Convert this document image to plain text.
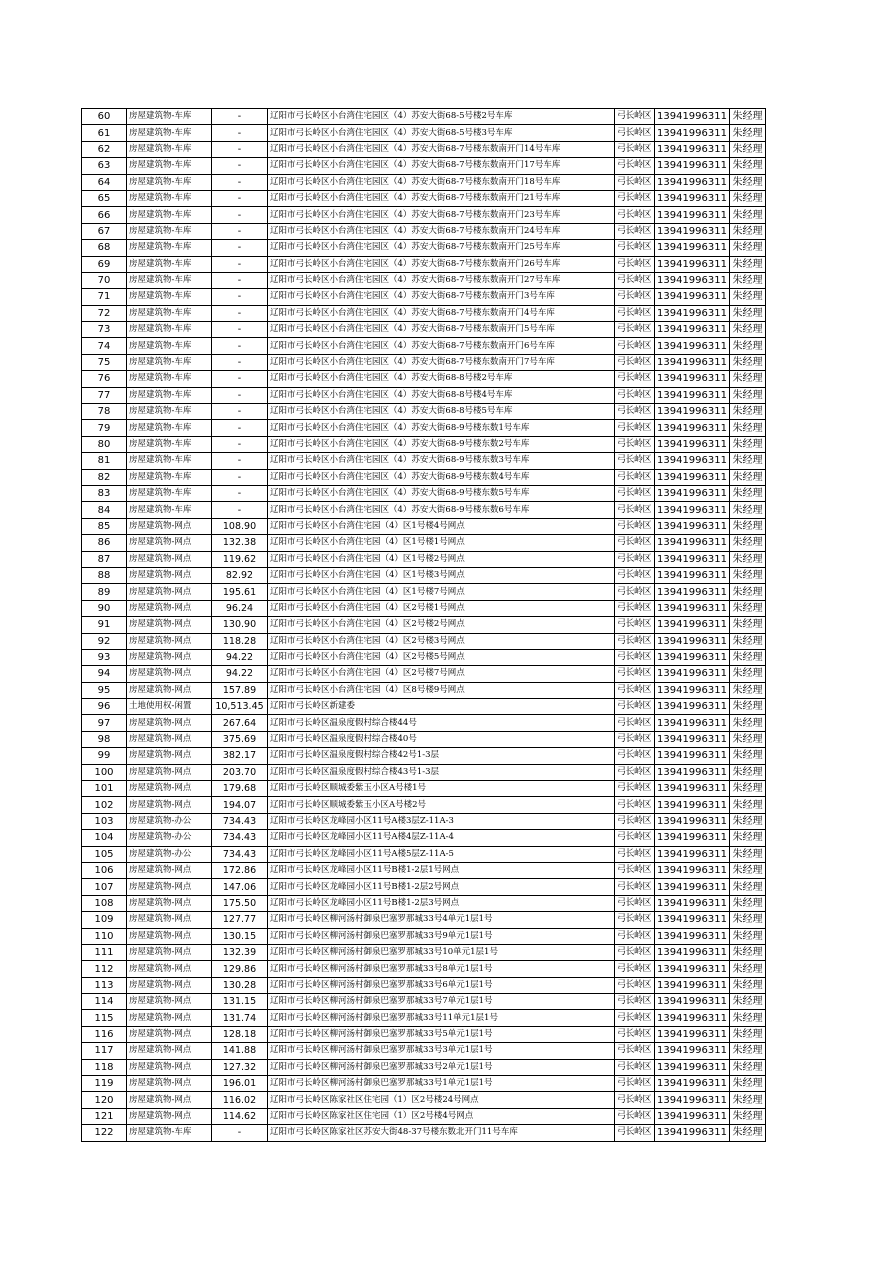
60	房屋建筑物-车库	-	辽阳市弓长岭区小台湾住宅园区（4）苏安大街68-5号楼2号车库	弓长岭区	13941996311	朱经理
61	房屋建筑物-车库	-	辽阳市弓长岭区小台湾住宅园区（4）苏安大街68-5号楼3号车库	弓长岭区	13941996311	朱经理
62	房屋建筑物-车库	-	辽阳市弓长岭区小台湾住宅园区（4）苏安大街68-7号楼东数南开门14号车库	弓长岭区	13941996311	朱经理
63	房屋建筑物-车库	-	辽阳市弓长岭区小台湾住宅园区（4）苏安大街68-7号楼东数南开门17号车库	弓长岭区	13941996311	朱经理
64	房屋建筑物-车库	-	辽阳市弓长岭区小台湾住宅园区（4）苏安大街68-7号楼东数南开门18号车库	弓长岭区	13941996311	朱经理
65	房屋建筑物-车库	-	辽阳市弓长岭区小台湾住宅园区（4）苏安大街68-7号楼东数南开门21号车库	弓长岭区	13941996311	朱经理
66	房屋建筑物-车库	-	辽阳市弓长岭区小台湾住宅园区（4）苏安大街68-7号楼东数南开门23号车库	弓长岭区	13941996311	朱经理
67	房屋建筑物-车库	-	辽阳市弓长岭区小台湾住宅园区（4）苏安大街68-7号楼东数南开门24号车库	弓长岭区	13941996311	朱经理
68	房屋建筑物-车库	-	辽阳市弓长岭区小台湾住宅园区（4）苏安大街68-7号楼东数南开门25号车库	弓长岭区	13941996311	朱经理
69	房屋建筑物-车库	-	辽阳市弓长岭区小台湾住宅园区（4）苏安大街68-7号楼东数南开门26号车库	弓长岭区	13941996311	朱经理
70	房屋建筑物-车库	-	辽阳市弓长岭区小台湾住宅园区（4）苏安大街68-7号楼东数南开门27号车库	弓长岭区	13941996311	朱经理
71	房屋建筑物-车库	-	辽阳市弓长岭区小台湾住宅园区（4）苏安大街68-7号楼东数南开门3号车库	弓长岭区	13941996311	朱经理
72	房屋建筑物-车库	-	辽阳市弓长岭区小台湾住宅园区（4）苏安大街68-7号楼东数南开门4号车库	弓长岭区	13941996311	朱经理
73	房屋建筑物-车库	-	辽阳市弓长岭区小台湾住宅园区（4）苏安大街68-7号楼东数南开门5号车库	弓长岭区	13941996311	朱经理
74	房屋建筑物-车库	-	辽阳市弓长岭区小台湾住宅园区（4）苏安大街68-7号楼东数南开门6号车库	弓长岭区	13941996311	朱经理
75	房屋建筑物-车库	-	辽阳市弓长岭区小台湾住宅园区（4）苏安大街68-7号楼东数南开门7号车库	弓长岭区	13941996311	朱经理
76	房屋建筑物-车库	-	辽阳市弓长岭区小台湾住宅园区（4）苏安大街68-8号楼2号车库	弓长岭区	13941996311	朱经理
77	房屋建筑物-车库	-	辽阳市弓长岭区小台湾住宅园区（4）苏安大街68-8号楼4号车库	弓长岭区	13941996311	朱经理
78	房屋建筑物-车库	-	辽阳市弓长岭区小台湾住宅园区（4）苏安大街68-8号楼5号车库	弓长岭区	13941996311	朱经理
79	房屋建筑物-车库	-	辽阳市弓长岭区小台湾住宅园区（4）苏安大街68-9号楼东数1号车库	弓长岭区	13941996311	朱经理
80	房屋建筑物-车库	-	辽阳市弓长岭区小台湾住宅园区（4）苏安大街68-9号楼东数2号车库	弓长岭区	13941996311	朱经理
81	房屋建筑物-车库	-	辽阳市弓长岭区小台湾住宅园区（4）苏安大街68-9号楼东数3号车库	弓长岭区	13941996311	朱经理
82	房屋建筑物-车库	-	辽阳市弓长岭区小台湾住宅园区（4）苏安大街68-9号楼东数4号车库	弓长岭区	13941996311	朱经理
83	房屋建筑物-车库	-	辽阳市弓长岭区小台湾住宅园区（4）苏安大街68-9号楼东数5号车库	弓长岭区	13941996311	朱经理
84	房屋建筑物-车库	-	辽阳市弓长岭区小台湾住宅园区（4）苏安大街68-9号楼东数6号车库	弓长岭区	13941996311	朱经理
85	房屋建筑物-网点	108.90	辽阳市弓长岭区小台湾住宅园（4）区1号楼4号网点	弓长岭区	13941996311	朱经理
86	房屋建筑物-网点	132.38	辽阳市弓长岭区小台湾住宅园（4）区1号楼1号网点	弓长岭区	13941996311	朱经理
87	房屋建筑物-网点	119.62	辽阳市弓长岭区小台湾住宅园（4）区1号楼2号网点	弓长岭区	13941996311	朱经理
88	房屋建筑物-网点	82.92	辽阳市弓长岭区小台湾住宅园（4）区1号楼3号网点	弓长岭区	13941996311	朱经理
89	房屋建筑物-网点	195.61	辽阳市弓长岭区小台湾住宅园（4）区1号楼7号网点	弓长岭区	13941996311	朱经理
90	房屋建筑物-网点	96.24	辽阳市弓长岭区小台湾住宅园（4）区2号楼1号网点	弓长岭区	13941996311	朱经理
91	房屋建筑物-网点	130.90	辽阳市弓长岭区小台湾住宅园（4）区2号楼2号网点	弓长岭区	13941996311	朱经理
92	房屋建筑物-网点	118.28	辽阳市弓长岭区小台湾住宅园（4）区2号楼3号网点	弓长岭区	13941996311	朱经理
93	房屋建筑物-网点	94.22	辽阳市弓长岭区小台湾住宅园（4）区2号楼5号网点	弓长岭区	13941996311	朱经理
94	房屋建筑物-网点	94.22	辽阳市弓长岭区小台湾住宅园（4）区2号楼7号网点	弓长岭区	13941996311	朱经理
95	房屋建筑物-网点	157.89	辽阳市弓长岭区小台湾住宅园（4）区8号楼9号网点	弓长岭区	13941996311	朱经理
96	土地使用权-闲置	10,513.45	辽阳市弓长岭区新建委	弓长岭区	13941996311	朱经理
97	房屋建筑物-网点	267.64	辽阳市弓长岭区温泉度假村综合楼44号	弓长岭区	13941996311	朱经理
98	房屋建筑物-网点	375.69	辽阳市弓长岭区温泉度假村综合楼40号	弓长岭区	13941996311	朱经理
99	房屋建筑物-网点	382.17	辽阳市弓长岭区温泉度假村综合楼42号1-3层	弓长岭区	13941996311	朱经理
100	房屋建筑物-网点	203.70	辽阳市弓长岭区温泉度假村综合楼43号1-3层	弓长岭区	13941996311	朱经理
101	房屋建筑物-网点	179.68	辽阳市弓长岭区顺城委紫玉小区A号楼1号	弓长岭区	13941996311	朱经理
102	房屋建筑物-网点	194.07	辽阳市弓长岭区顺城委紫玉小区A号楼2号	弓长岭区	13941996311	朱经理
103	房屋建筑物-办公	734.43	辽阳市弓长岭区龙峰园小区11号A楼3层Z-11A-3	弓长岭区	13941996311	朱经理
104	房屋建筑物-办公	734.43	辽阳市弓长岭区龙峰园小区11号A楼4层Z-11A-4	弓长岭区	13941996311	朱经理
105	房屋建筑物-办公	734.43	辽阳市弓长岭区龙峰园小区11号A楼5层Z-11A-5	弓长岭区	13941996311	朱经理
106	房屋建筑物-网点	172.86	辽阳市弓长岭区龙峰园小区11号B楼1-2层1号网点	弓长岭区	13941996311	朱经理
107	房屋建筑物-网点	147.06	辽阳市弓长岭区龙峰园小区11号B楼1-2层2号网点	弓长岭区	13941996311	朱经理
108	房屋建筑物-网点	175.50	辽阳市弓长岭区龙峰园小区11号B楼1-2层3号网点	弓长岭区	13941996311	朱经理
109	房屋建筑物-网点	127.77	辽阳市弓长岭区柳河汤村御泉巴塞罗那城33号4单元1层1号	弓长岭区	13941996311	朱经理
110	房屋建筑物-网点	130.15	辽阳市弓长岭区柳河汤村御泉巴塞罗那城33号9单元1层1号	弓长岭区	13941996311	朱经理
111	房屋建筑物-网点	132.39	辽阳市弓长岭区柳河汤村御泉巴塞罗那城33号10单元1层1号	弓长岭区	13941996311	朱经理
112	房屋建筑物-网点	129.86	辽阳市弓长岭区柳河汤村御泉巴塞罗那城33号8单元1层1号	弓长岭区	13941996311	朱经理
113	房屋建筑物-网点	130.28	辽阳市弓长岭区柳河汤村御泉巴塞罗那城33号6单元1层1号	弓长岭区	13941996311	朱经理
114	房屋建筑物-网点	131.15	辽阳市弓长岭区柳河汤村御泉巴塞罗那城33号7单元1层1号	弓长岭区	13941996311	朱经理
115	房屋建筑物-网点	131.74	辽阳市弓长岭区柳河汤村御泉巴塞罗那城33号11单元1层1号	弓长岭区	13941996311	朱经理
116	房屋建筑物-网点	128.18	辽阳市弓长岭区柳河汤村御泉巴塞罗那城33号5单元1层1号	弓长岭区	13941996311	朱经理
117	房屋建筑物-网点	141.88	辽阳市弓长岭区柳河汤村御泉巴塞罗那城33号3单元1层1号	弓长岭区	13941996311	朱经理
118	房屋建筑物-网点	127.32	辽阳市弓长岭区柳河汤村御泉巴塞罗那城33号2单元1层1号	弓长岭区	13941996311	朱经理
119	房屋建筑物-网点	196.01	辽阳市弓长岭区柳河汤村御泉巴塞罗那城33号1单元1层1号	弓长岭区	13941996311	朱经理
120	房屋建筑物-网点	116.02	辽阳市弓长岭区陈家社区住宅园（1）区2号楼24号网点	弓长岭区	13941996311	朱经理
121	房屋建筑物-网点	114.62	辽阳市弓长岭区陈家社区住宅园（1）区2号楼4号网点	弓长岭区	13941996311	朱经理
122	房屋建筑物-车库	-	辽阳市弓长岭区陈家社区苏安大街48-37号楼东数北开门11号车库	弓长岭区	13941996311	朱经理
